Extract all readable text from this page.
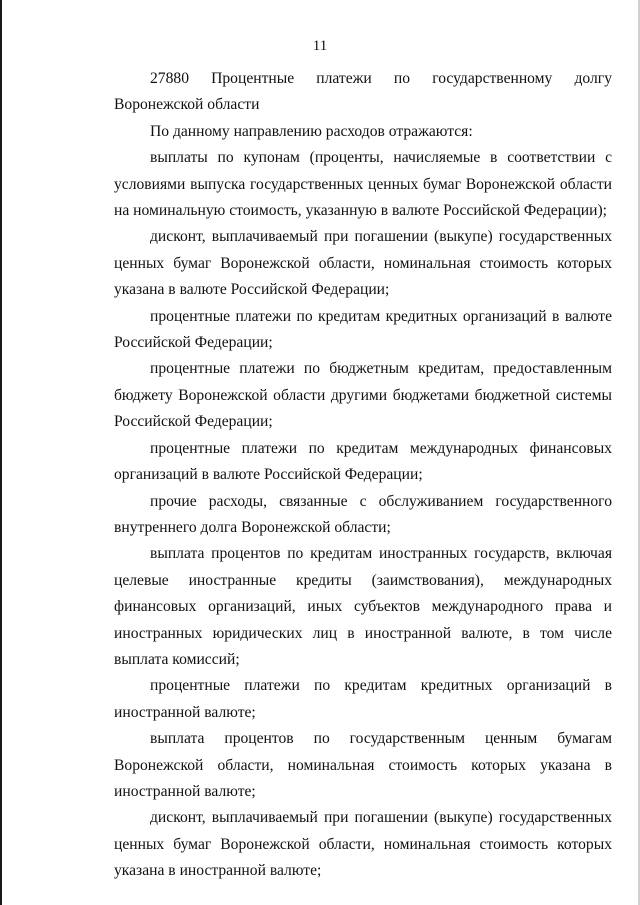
11

27880 Процентные платежи по государственному долгу Воронежской области

По данному направлению расходов отражаются:

выплаты по купонам (проценты, начисляемые в соответствии с условиями выпуска государственных ценных бумаг Воронежской области на номинальную стоимость, указанную в валюте Российской Федерации);

дисконт, выплачиваемый при погашении (выкупе) государственных ценных бумаг Воронежской области, номинальная стоимость которых указана в валюте Российской Федерации;

процентные платежи по кредитам кредитных организаций в валюте Российской Федерации;

процентные платежи по бюджетным кредитам, предоставленным бюджету Воронежской области другими бюджетами бюджетной системы Российской Федерации;

процентные платежи по кредитам международных финансовых организаций в валюте Российской Федерации;

прочие расходы, связанные с обслуживанием государственного внутреннего долга Воронежской области;

выплата процентов по кредитам иностранных государств, включая целевые иностранные кредиты (заимствования), международных финансовых организаций, иных субъектов международного права и иностранных юридических лиц в иностранной валюте, в том числе выплата комиссий;

процентные платежи по кредитам кредитных организаций в иностранной валюте;

выплата процентов по государственным ценным бумагам Воронежской области, номинальная стоимость которых указана в иностранной валюте;

дисконт, выплачиваемый при погашении (выкупе) государственных ценных бумаг Воронежской области, номинальная стоимость которых указана в иностранной валюте;
